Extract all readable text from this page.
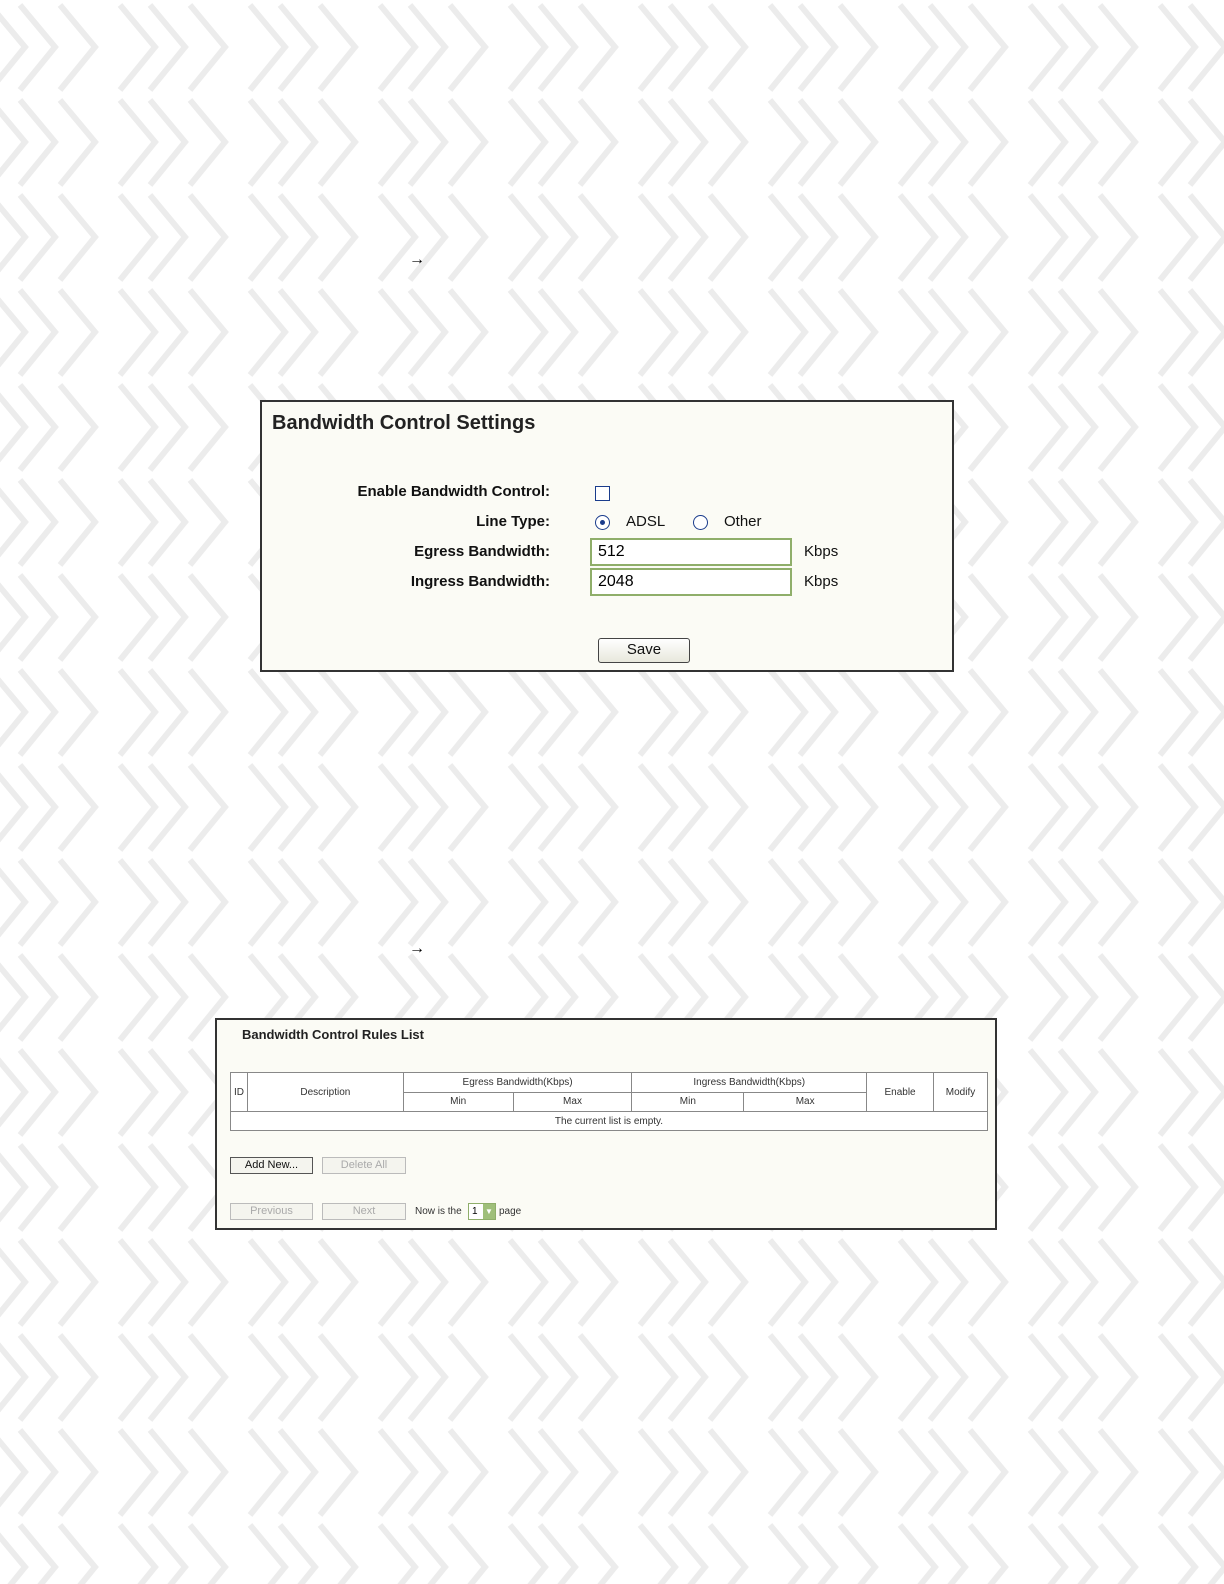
→
→
Bandwidth Control Settings
Enable Bandwidth Control:
Line Type:	ADSL	Other
Egress Bandwidth:	512	Kbps
Ingress Bandwidth:	2048	Kbps
Save
Bandwidth Control Rules List
ID	Description	Egress Bandwidth(Kbps)		Ingress Bandwidth(Kbps)		Enable	Modify
		Min	Max	Min	Max		
The current list is empty.							
Add New...	Delete All
Previous	Next	Now is the 1 ▼ page
